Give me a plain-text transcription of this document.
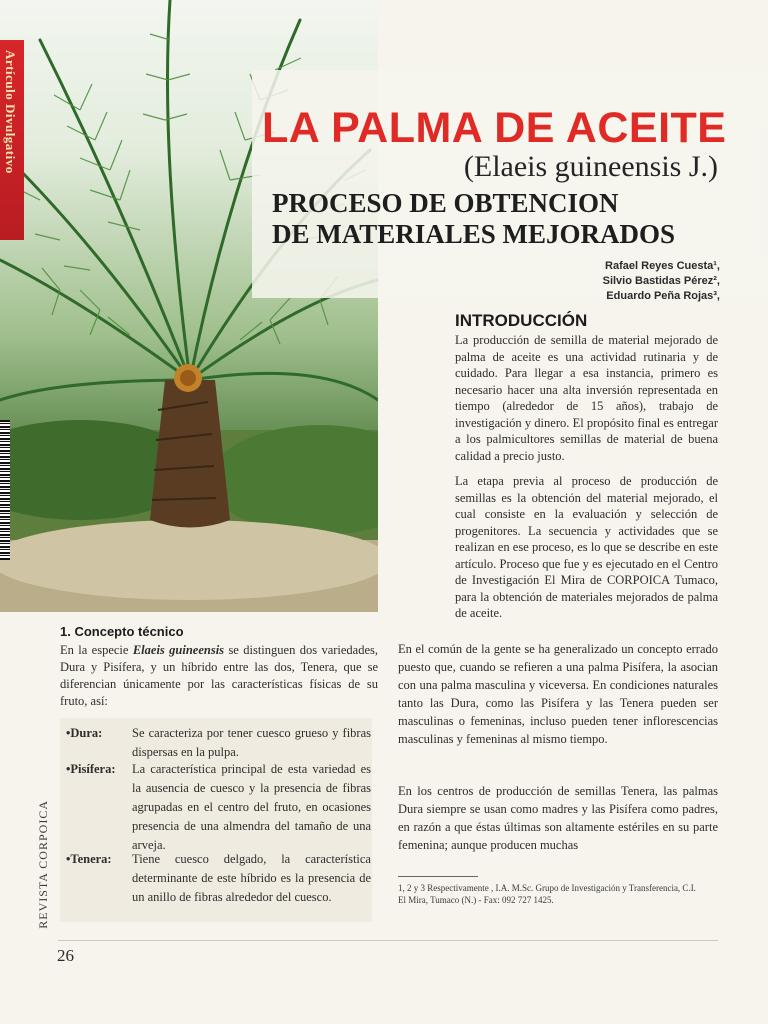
Artículo Divulgativo	LA PALMA DE ACEITE

(Elaeis guineensis J.)

PROCESO DE OBTENCION
DE MATERIALES MEJORADOS
Rafael Reyes Cuesta¹,
Silvio Bastidas Pérez²,
Eduardo Peña Rojas³,
INTRODUCCIÓN

La producción de semilla de material mejorado de palma de aceite es una actividad rutinaria y de cuidado. Para llegar a esa instancia, primero es necesario hacer una alta inversión representada en tiempo (alrededor de 15 años), trabajo de investigación y dinero. El propósito final es entregar a los palmicultores semillas de material de buena calidad a precio justo.

La etapa previa al proceso de producción de semillas es la obtención del material mejorado, el cual consiste en la evaluación y selección de progenitores. La secuencia y actividades que se realizan en ese proceso, es lo que se describe en este artículo. Proceso que fue y es ejecutado en el Centro de Investigación El Mira de CORPOICA Tumaco, para la obtención de materiales mejorados de palma de aceite.

1. Concepto técnico

En la especie Elaeis guineensis se distinguen dos variedades, Dura y Pisífera, y un híbrido entre las dos, Tenera, que se diferencian únicamente por las características físicas de su fruto, así:

•Dura: Se caracteriza por tener cuesco grueso y fibras dispersas en la pulpa.
•Pisífera: La característica principal de esta variedad es la ausencia de cuesco y la presencia de fibras agrupadas en el centro del fruto, en ocasiones presencia de una almendra del tamaño de una arveja.
•Tenera: Tiene cuesco delgado, la característica determinante de este híbrido es la presencia de un anillo de fibras alrededor del cuesco.

En el común de la gente se ha generalizado un concepto errado puesto que, cuando se refieren a una palma Pisífera, la asocian con una palma masculina y viceversa. En condiciones naturales tanto las Dura, como las Pisífera y las Tenera pueden ser masculinas o femeninas, incluso pueden tener inflorescencias masculinas y femeninas al mismo tiempo.

En los centros de producción de semillas Tenera, las palmas Dura siempre se usan como madres y las Pisífera como padres, en razón a que éstas últimas son altamente estériles en su parte femenina; aunque producen muchas

1, 2 y 3 Respectivamente , I.A. M.Sc. Grupo de Investigación y Transferencia, C.I. El Mira, Tumaco (N.) - Fax: 092 727 1425.

REVISTA CORPOICA

26
